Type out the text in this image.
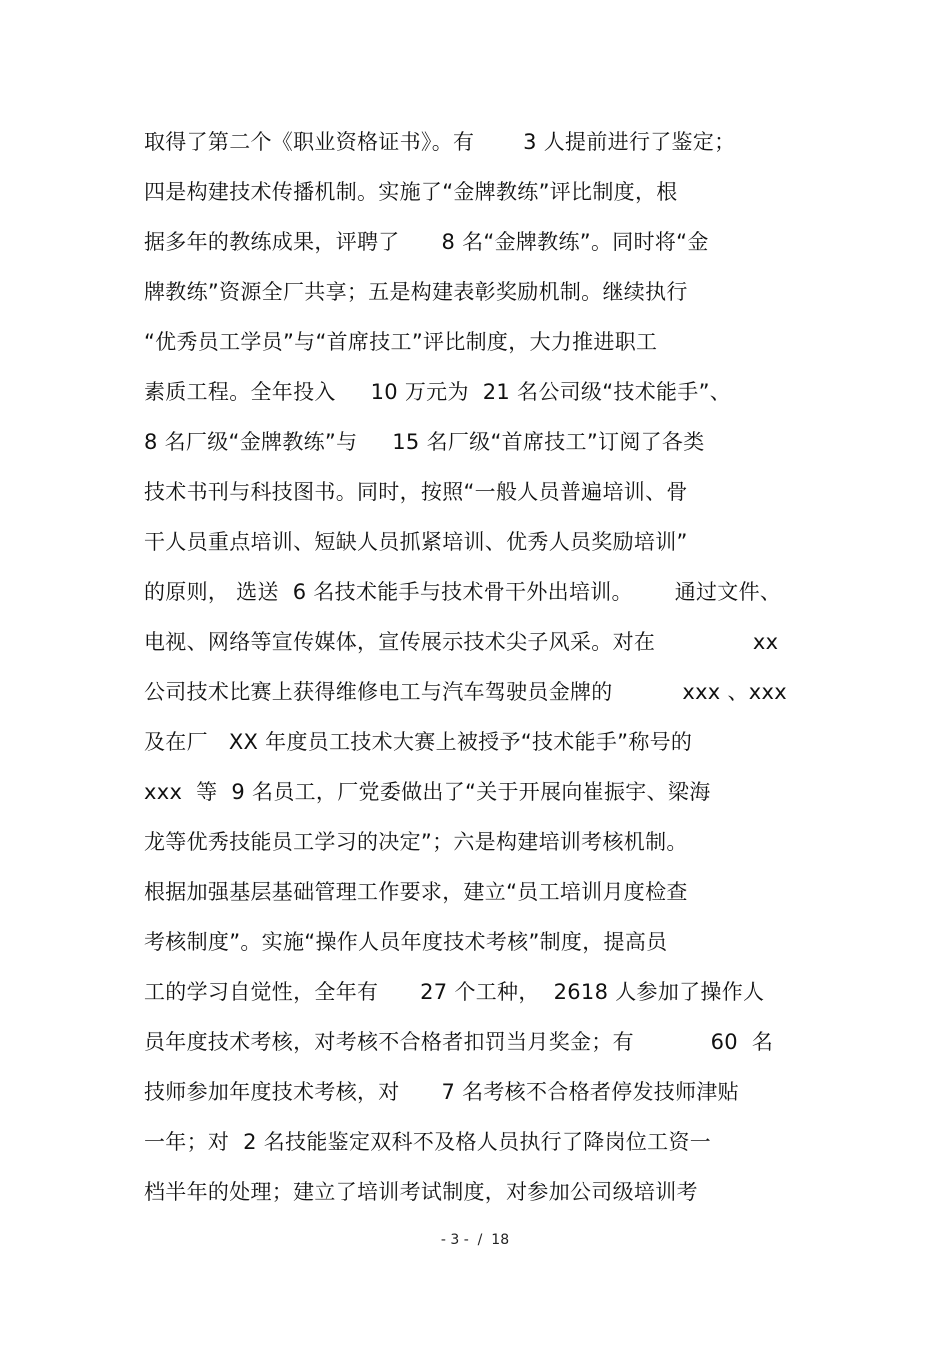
取得了第二个《职业资格证书》。有       3 人提前进行了鉴定；
四是构建技术传播机制。实施了“金牌教练”评比制度，根
据多年的教练成果，评聘了      8 名“金牌教练”。同时将“金
牌教练”资源全厂共享；五是构建表彰奖励机制。继续执行
“优秀员工学员”与“首席技工”评比制度，大力推进职工
素质工程。全年投入     10 万元为  21 名公司级“技术能手”、
8 名厂级“金牌教练”与     15 名厂级“首席技工”订阅了各类
技术书刊与科技图书。同时，按照“一般人员普遍培训、骨
干人员重点培训、短缺人员抓紧培训、优秀人员奖励培训”
的原则， 选送  6 名技术能手与技术骨干外出培训。      通过文件、
电视、网络等宣传媒体，宣传展示技术尖子风采。对在              xx
公司技术比赛上获得维修电工与汽车驾驶员金牌的          xxx 、xxx
及在厂   XX 年度员工技术大赛上被授予“技术能手”称号的
xxx  等  9 名员工，厂党委做出了“关于开展向崔振宇、梁海
龙等优秀技能员工学习的决定”；六是构建培训考核机制。
根据加强基层基础管理工作要求，建立“员工培训月度检查
考核制度”。实施“操作人员年度技术考核”制度，提高员
工的学习自觉性，全年有      27 个工种，  2618 人参加了操作人
员年度技术考核，对考核不合格者扣罚当月奖金；有           60  名
技师参加年度技术考核，对      7 名考核不合格者停发技师津贴
一年；对  2 名技能鉴定双科不及格人员执行了降岗位工资一
档半年的处理；建立了培训考试制度，对参加公司级培训考
- 3 -  /  18
